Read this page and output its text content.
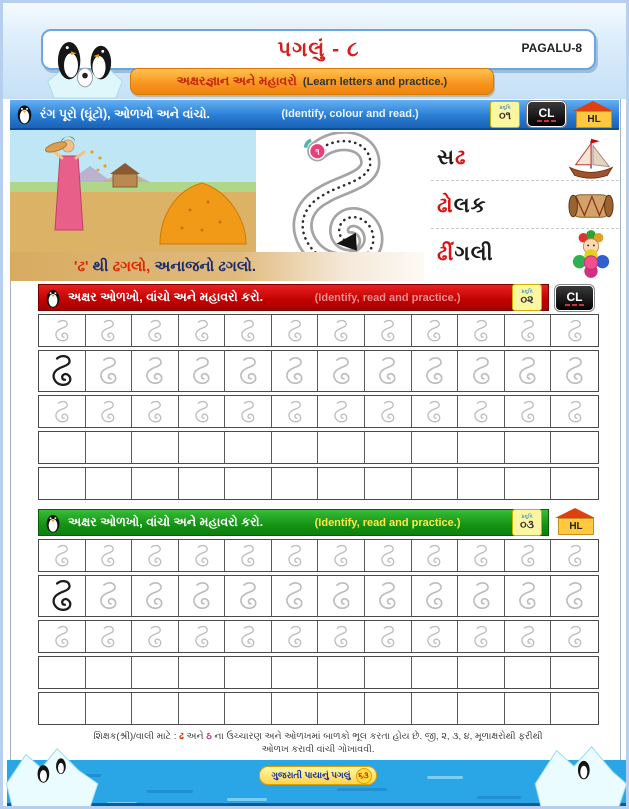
પગલું - ૮	PAGALU-8
અક્ષરજ્ઞાન અને મહાવરો (Learn letters and practice.)
રંગ પૂરો (ઘૂંટો), ઓળખો અને વાંચો.	(Identify, colour and read.)	પ્રવૃત્તિ
૦૧ CL	HL
૧	સઢ
ઢોલક
ઢીંગલી
'ઢ' થી ઢગલો, અનાજનો ઢગલો.
અક્ષર ઓળખો, વાંચો અને મહાવરો કરો.	(Identify, read and practice.)	પ્રવૃત્તિ
૦૨	CL
અક્ષર ઓળખો, વાંચો અને મહાવરો કરો.	(Identify, read and practice.)	પ્રવૃત્તિ
૦૩	HL
શિક્ષક(શ્રી)/વાલી માટે : ઢ અને ઠ ના ઉચ્ચારણ અને ઓળખમાં બાળકો ભૂલ કરતા હોય છે. જી, ૨, ૩, ૪, મૂળાક્ષરોથી ફરીથી
ઓળખ કરાવી વાંચી ગોખાવવી.
ગુજરાતી પાયાનું પગલું ૬૩
